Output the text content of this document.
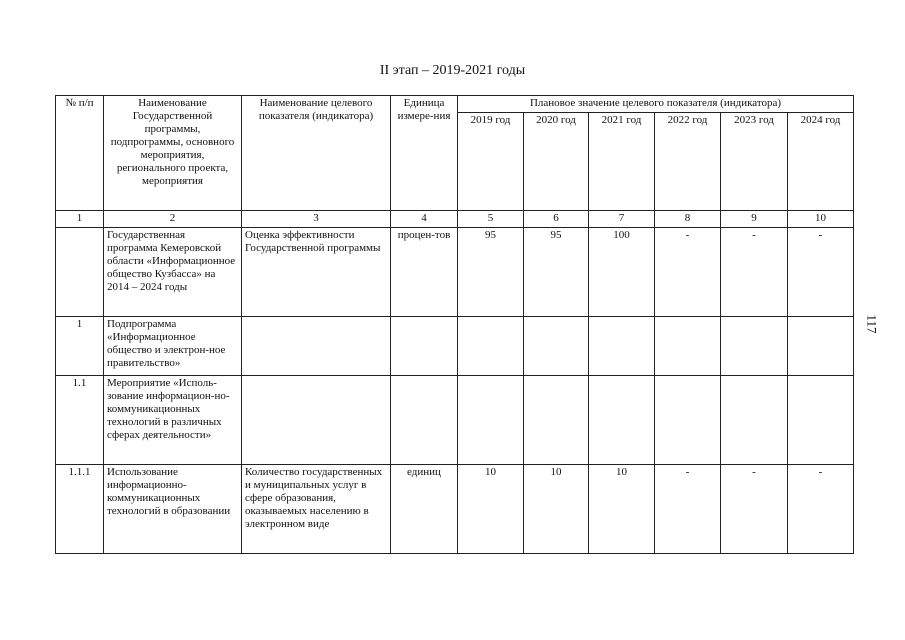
II этап – 2019-2021 годы
117
№ п/п	Наименование Государственной программы, подпрограммы, основного мероприятия, регионального проекта, мероприятия	Наименование целевого показателя (индикатора)	Единица измере-ния	Плановое значение целевого показателя (индикатора)					
				2019 год	2020 год	2021 год	2022 год	2023 год	2024 год
1	2	3	4	5	6	7	8	9	10
	Государственная программа Кемеровской области «Информационное общество Кузбасса» на 2014 – 2024 годы	Оценка эффективности Государственной программы	процен-тов	95	95	100	-	-	-
1	Подпрограмма «Информационное общество и электрон-ное правительство»								
1.1	Мероприятие «Исполь-зование информацион-но-коммуникационных технологий в различных сферах деятельности»								
1.1.1	Использование информационно-коммуникационных технологий в образовании	Количество государственных и муниципальных услуг в сфере образования, оказываемых населению в электронном виде	единиц	10	10	10	-	-	-
